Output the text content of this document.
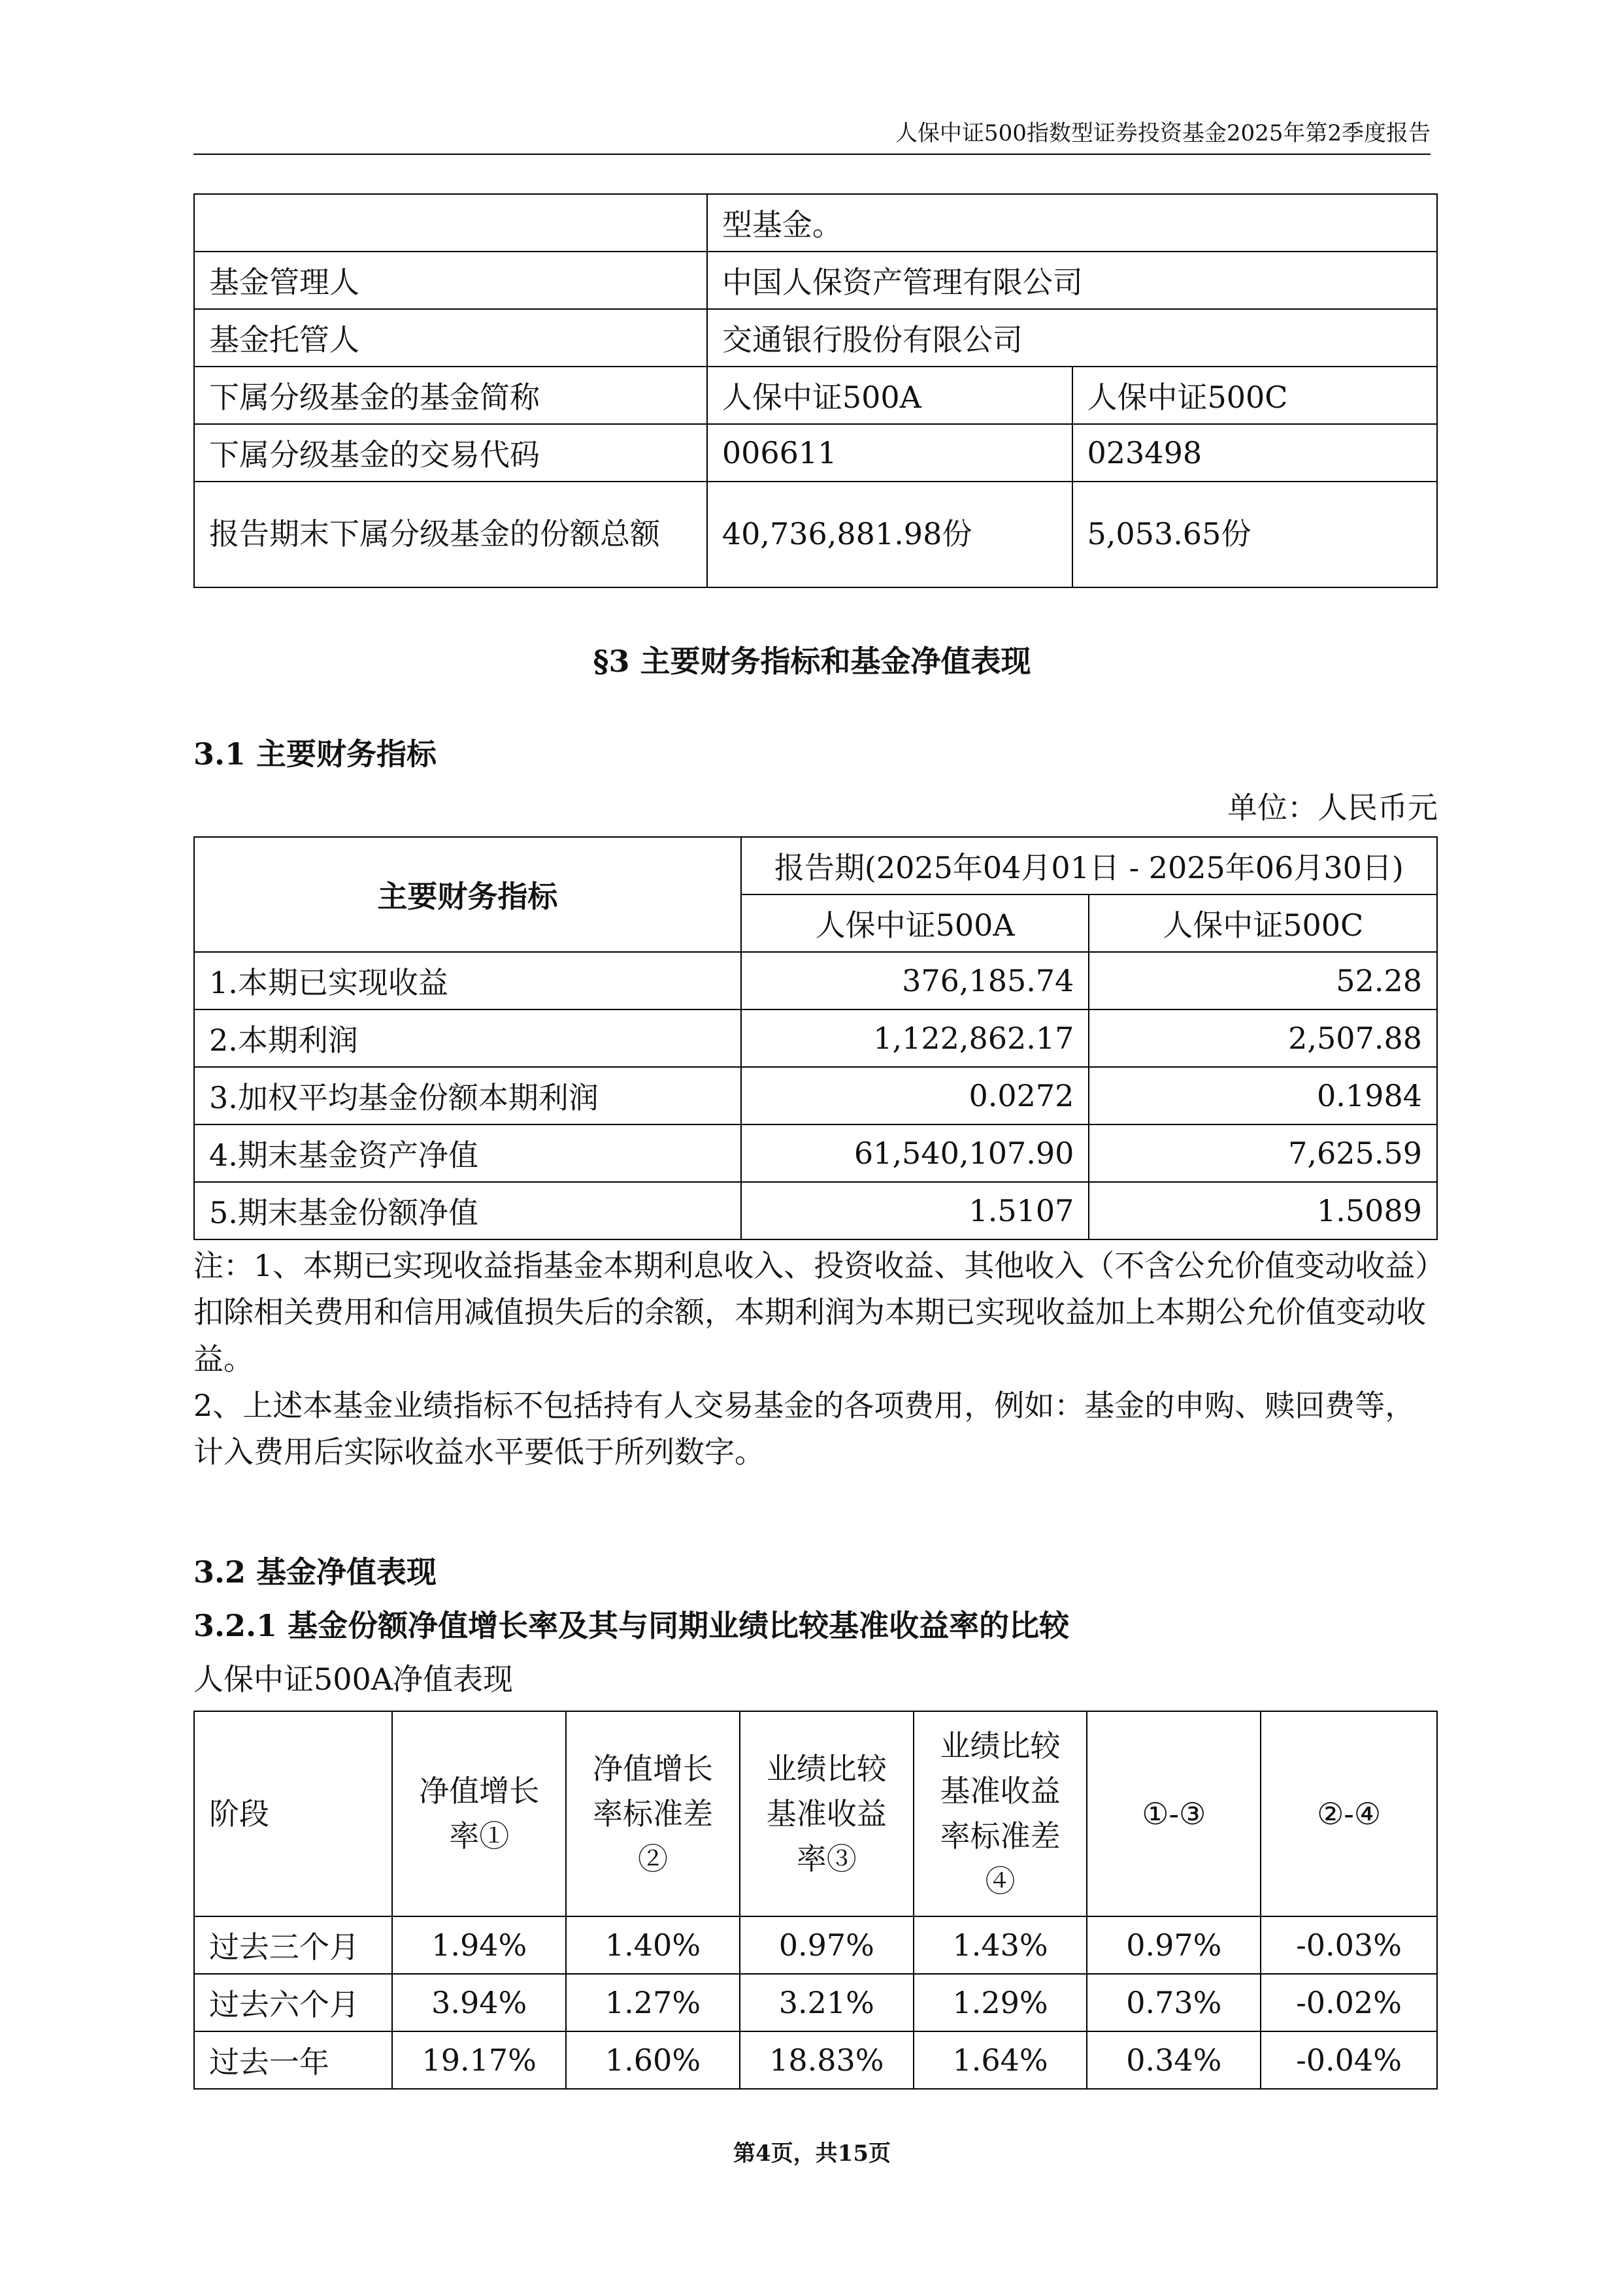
人保中证500指数型证券投资基金2025年第2季度报告
	型基金。	
基金管理人	中国人保资产管理有限公司	
基金托管人	交通银行股份有限公司	
下属分级基金的基金简称	人保中证500A	人保中证500C
下属分级基金的交易代码	006611	023498
报告期末下属分级基金的份额总额	40,736,881.98份	5,053.65份
§3 主要财务指标和基金净值表现
3.1 主要财务指标
单位：人民币元
主要财务指标	报告期(2025年04月01日 - 2025年06月30日)	
	人保中证500A	人保中证500C
1.本期已实现收益	376,185.74	52.28
2.本期利润	1,122,862.17	2,507.88
3.加权平均基金份额本期利润	0.0272	0.1984
4.期末基金资产净值	61,540,107.90	7,625.59
5.期末基金份额净值	1.5107	1.5089

注：1、本期已实现收益指基金本期利息收入、投资收益、其他收入（不含公允价值变动收益）扣除相关费用和信用减值损失后的余额，本期利润为本期已实现收益加上本期公允价值变动收益。

2、上述本基金业绩指标不包括持有人交易基金的各项费用，例如：基金的申购、赎回费等，计入费用后实际收益水平要低于所列数字。

3.2 基金净值表现
3.2.1 基金份额净值增长率及其与同期业绩比较基准收益率的比较
人保中证500A净值表现
阶段	净值增长率①	净值增长率标准差②	业绩比较基准收益率③	业绩比较基准收益率标准差④	①-③	②-④
过去三个月	1.94%	1.40%	0.97%	1.43%	0.97%	-0.03%
过去六个月	3.94%	1.27%	3.21%	1.29%	0.73%	-0.02%
过去一年	19.17%	1.60%	18.83%	1.64%	0.34%	-0.04%
第4页，共15页
